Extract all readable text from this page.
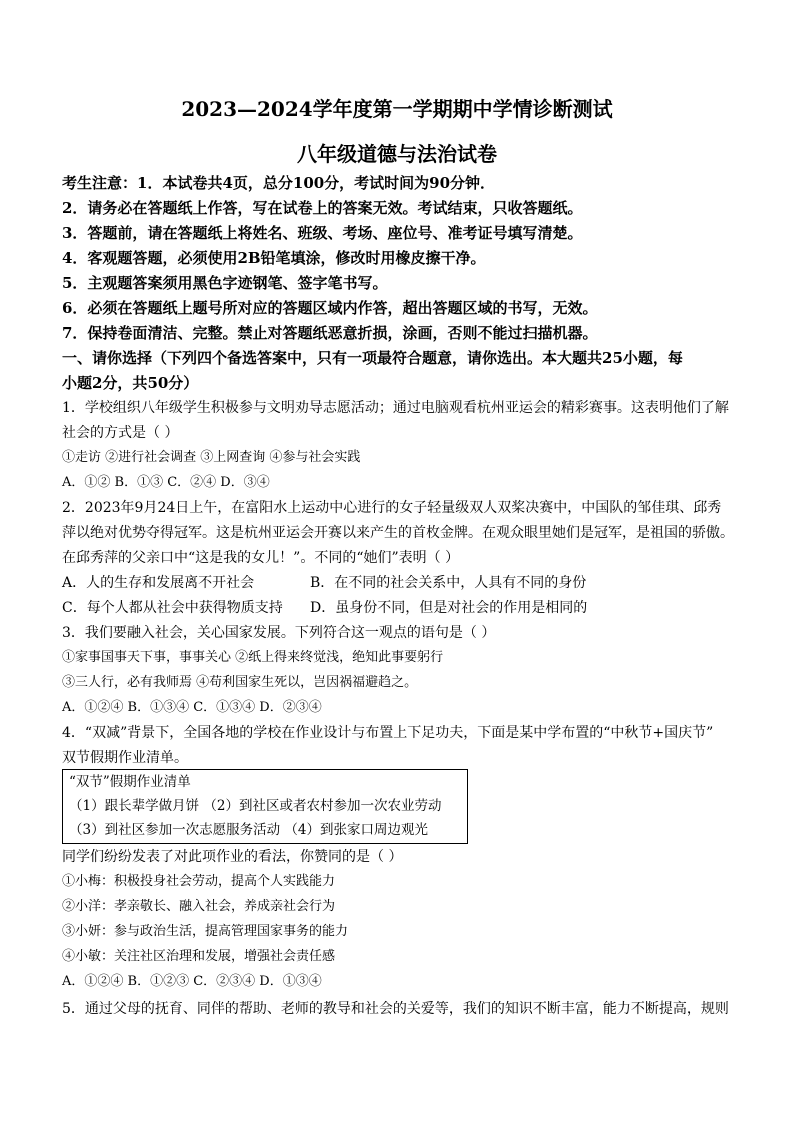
2023—2024学年度第一学期期中学情诊断测试
八年级道德与法治试卷
考生注意：1．本试卷共4页，总分100分，考试时间为90分钟．
2．请务必在答题纸上作答，写在试卷上的答案无效。考试结束，只收答题纸。
3．答题前，请在答题纸上将姓名、班级、考场、座位号、准考证号填写清楚。
4．客观题答题，必须使用2B铅笔填涂，修改时用橡皮擦干净。
5．主观题答案须用黑色字迹钢笔、签字笔书写。
6．必须在答题纸上题号所对应的答题区域内作答，超出答题区域的书写，无效。
7．保持卷面清洁、完整。禁止对答题纸恶意折损，涂画，否则不能过扫描机器。
一、请你选择（下列四个备选答案中，只有一项最符合题意，请你选出。本大题共25小题，每
小题2分，共50分）
1．学校组织八年级学生积极参与文明劝导志愿活动；通过电脑观看杭州亚运会的精彩赛事。这表明他们了解
社会的方式是（ ）
①走访 ②进行社会调查 ③上网查询 ④参与社会实践
A．①② B．①③ C．②④ D．③④
2．2023年9月24日上午，在富阳水上运动中心进行的女子轻量级双人双桨决赛中，中国队的邹佳琪、邱秀
萍以绝对优势夺得冠军。这是杭州亚运会开赛以来产生的首枚金牌。在观众眼里她们是冠军，是祖国的骄傲。
在邱秀萍的父亲口中“这是我的女儿！”。不同的“她们”表明（ ）
A．人的生存和发展离不开社会	B．在不同的社会关系中，人具有不同的身份
C．每个人都从社会中获得物质支持 D．虽身份不同，但是对社会的作用是相同的
3．我们要融入社会，关心国家发展。下列符合这一观点的语句是（ ）
①家事国事天下事，事事关心 ②纸上得来终觉浅，绝知此事要躬行
③三人行，必有我师焉 ④苟利国家生死以，岂因祸福避趋之。
A．①②④ B．①③④ C．①③④ D．②③④
4．“双减”背景下，全国各地的学校在作业设计与布置上下足功夫，下面是某中学布置的“中秋节+国庆节”
双节假期作业清单。
“双节”假期作业清单
（1）跟长辈学做月饼 （2）到社区或者农村参加一次农业劳动
（3）到社区参加一次志愿服务活动 （4）到张家口周边观光
同学们纷纷发表了对此项作业的看法，你赞同的是（ ）
①小梅：积极投身社会劳动，提高个人实践能力
②小洋：孝亲敬长、融入社会，养成亲社会行为
③小妍：参与政治生活，提高管理国家事务的能力
④小敏：关注社区治理和发展，增强社会责任感
A．①②④ B．①②③ C．②③④ D．①③④
5．通过父母的抚育、同伴的帮助、老师的教导和社会的关爱等，我们的知识不断丰富，能力不断提高，规则
